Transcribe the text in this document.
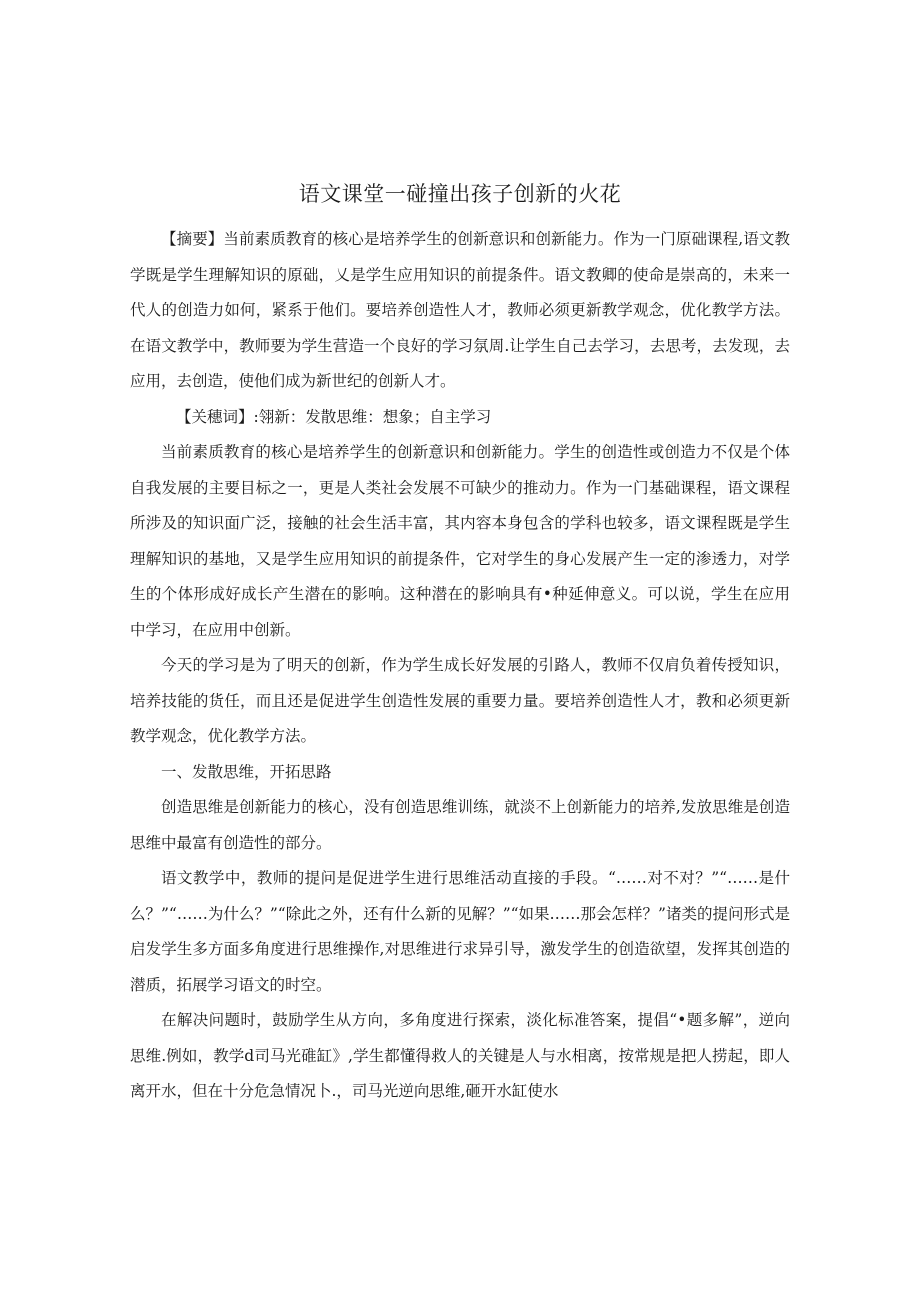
语文课堂一碰撞出孩子创新的火花

【摘要】当前素质教育的核心是培养学生的创新意识和创新能力。作为一门原础课程,语文教学既是学生理解知识的原础，乂是学生应用知识的前提条件。语文教卿的使命是崇高的，未来一代人的创造力如何，紧系于他们。要培养创造性人才，教师必须更新教学观念，优化教学方法。在语文教学中，教师要为学生营造一个良好的学习氛周.让学生自己去学习，去思考，去发现，去应用，去创造，使他们成为新世纪的创新人才。

【关穗词】:翎新：发散思维：想象；自主学习

当前素质教育的核心是培养学生的创新意识和创新能力。学生的创造性或创造力不仅是个体自我发展的主要目标之一，更是人类社会发展不可缺少的推动力。作为一门基础课程，语文课程所涉及的知识面广泛，接触的社会生活丰富，其内容本身包含的学科也较多，语文课程既是学生理解知识的基地，又是学生应用知识的前提条件，它对学生的身心发展产生一定的渗透力，对学生的个体形成好成长产生潜在的影响。这种潜在的影响具有•种延伸意义。可以说，学生在应用中学习，在应用中创新。

今天的学习是为了明天的创新，作为学生成长好发展的引路人，教师不仅肩负着传授知识，培养技能的货任，而且还是促进学生创造性发展的重要力量。要培养创造性人才，教和必须更新教学观念，优化教学方法。

一、发散思维，开拓思路

创造思维是创新能力的核心，没有创造思维训练，就淡不上创新能力的培养,发放思维是创造思维中最富有创造性的部分。

语文教学中，教师的提问是促进学生进行思维活动直接的手段。“……对不对？”“……是什么？”“……为什么？”“除此之外，还有什么新的见解？”“如果……那会怎样？”诸类的提问形式是启发学生多方面多角度进行思维操作,对思维进行求异引导，激发学生的创造欲望，发挥其创造的潜质，拓展学习语文的时空。

在解决问题时，鼓励学生从方向，多角度进行探索，淡化标准答案，提倡“•题多解”，逆向思维.例如，教学d司马光碓缸》,学生都懂得救人的关键是人与水相离，按常规是把人捞起，即人离开水，但在十分危急情况卜.，司马光逆向思维,砸开水缸使水
